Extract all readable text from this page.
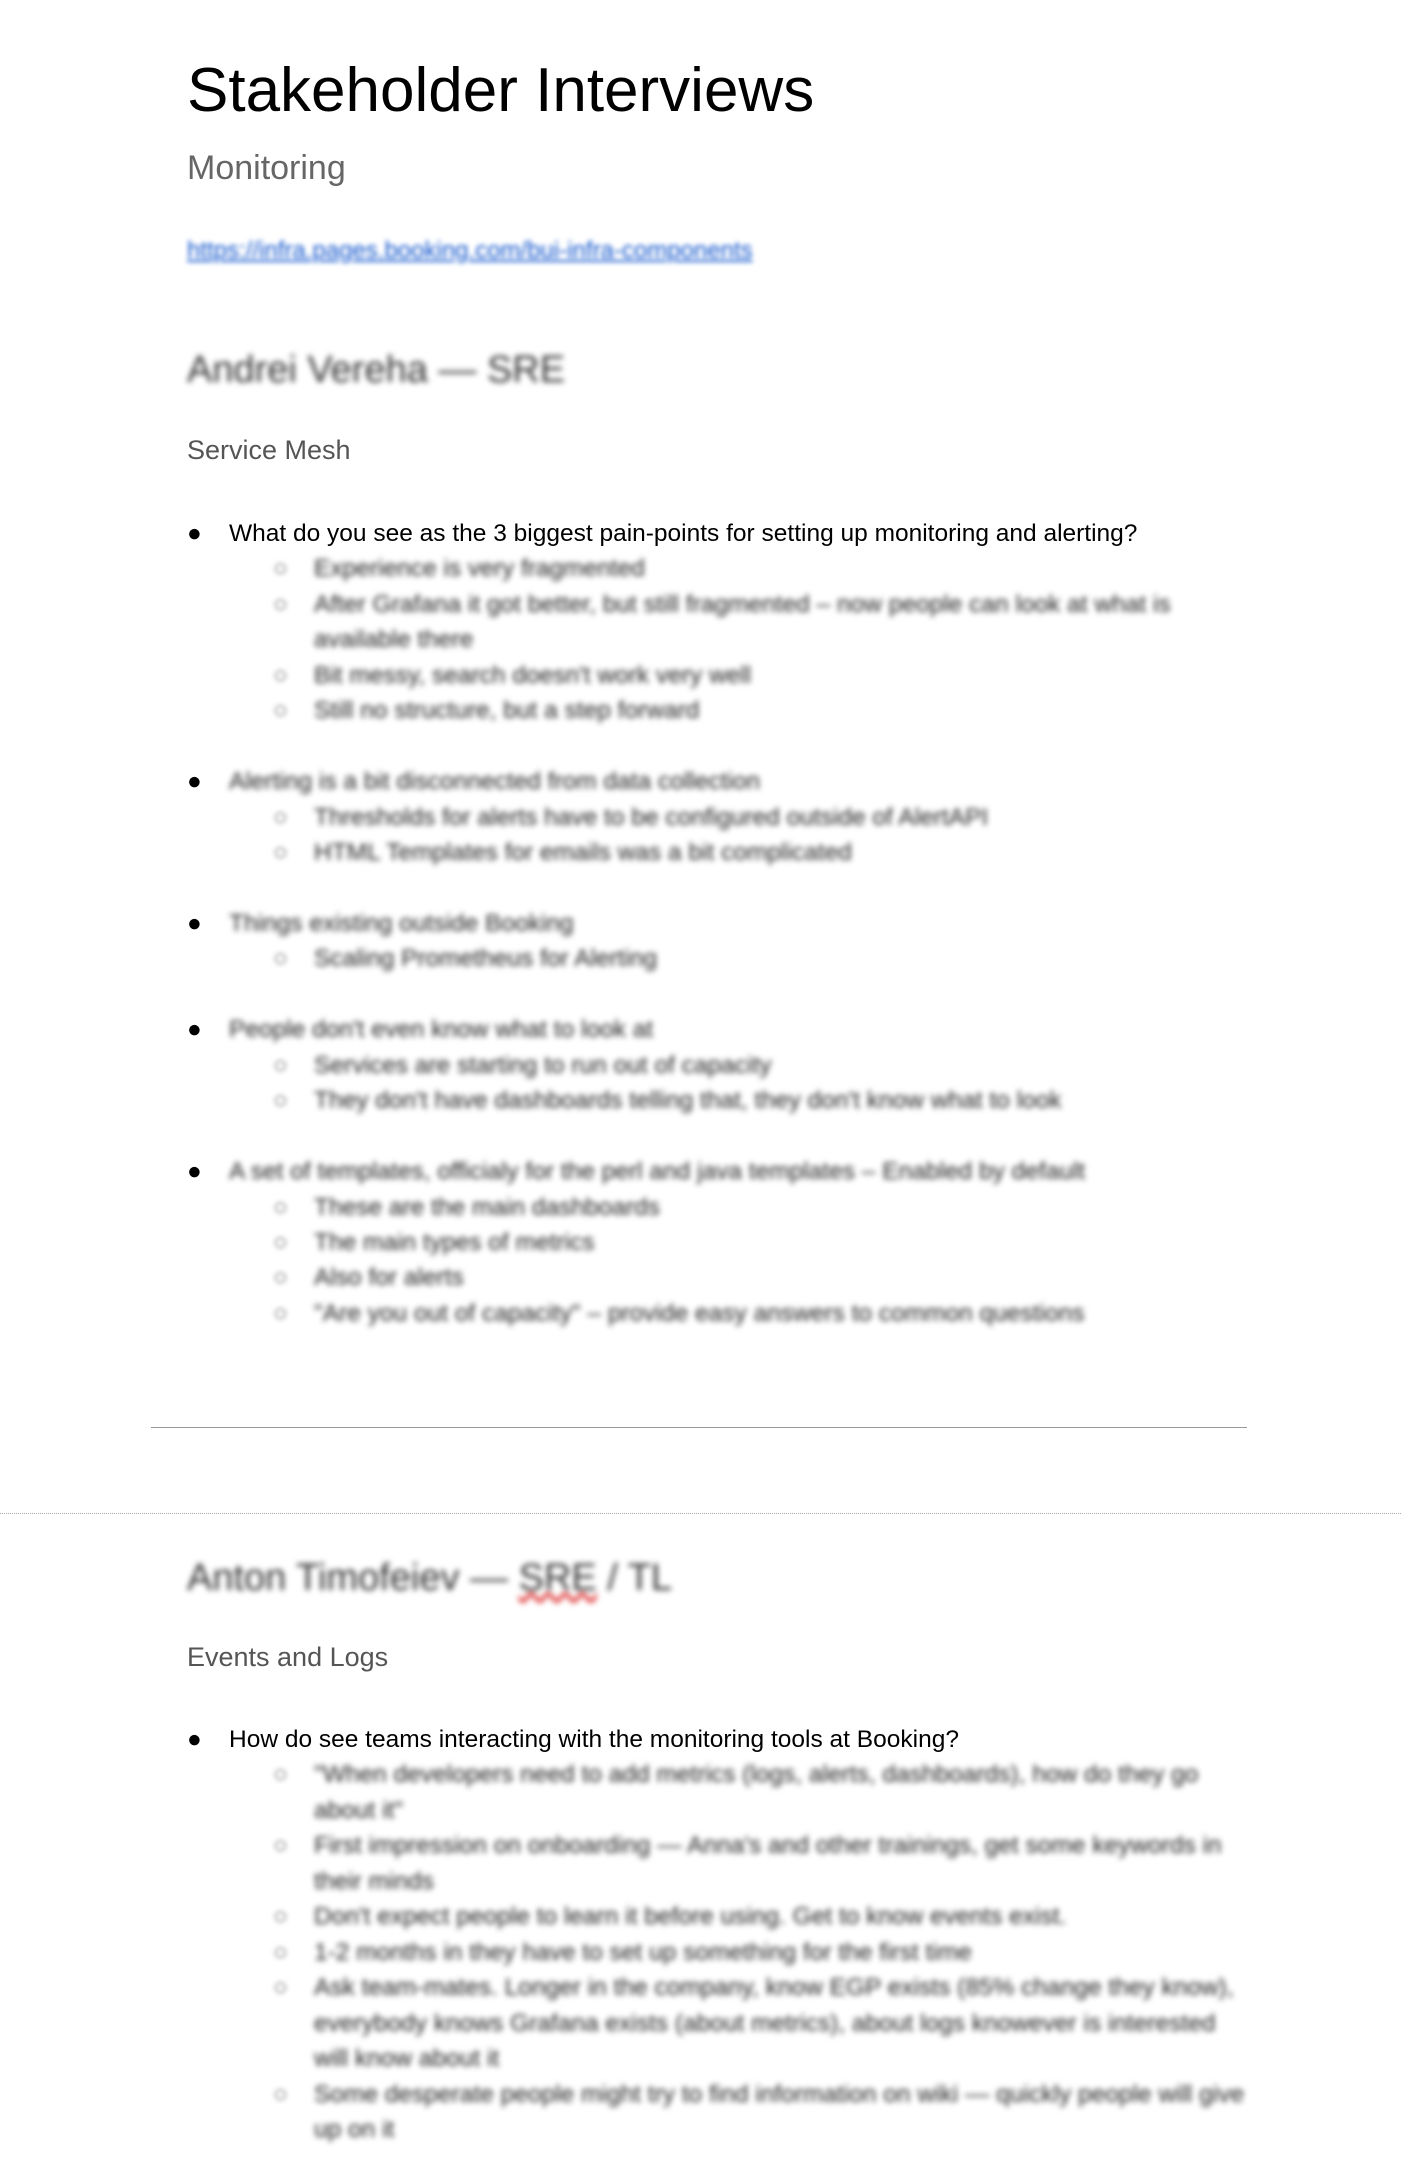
Stakeholder Interviews
Monitoring
https://infra.pages.booking.com/bui-infra-components
Andrei Vereha — SRE
Service Mesh
● What do you see as the 3 biggest pain-points for setting up monitoring and alerting?
○ Experience is very fragmented
○ After Grafana it got better, but still fragmented – now people can look at what is available there
○ Bit messy, search doesn't work very well
○ Still no structure, but a step forward
● Alerting is a bit disconnected from data collection
○ Thresholds for alerts have to be configured outside of AlertAPI
○ HTML Templates for emails was a bit complicated
● Things existing outside Booking
○ Scaling Prometheus for Alerting
● People don't even know what to look at
○ Services are starting to run out of capacity
○ They don't have dashboards telling that, they don't know what to look
● A set of templates, officialy for the perl and java templates – Enabled by default
○ These are the main dashboards
○ The main types of metrics
○ Also for alerts
○ "Are you out of capacity" – provide easy answers to common questions
Anton Timofeiev — SRE / TL
Events and Logs
● How do see teams interacting with the monitoring tools at Booking?
○ "When developers need to add metrics (logs, alerts, dashboards), how do they go about it"
○ First impression on onboarding — Anna's and other trainings, get some keywords in their minds
○ Don't expect people to learn it before using. Get to know events exist.
○ 1-2 months in they have to set up something for the first time
○ Ask team-mates. Longer in the company, know EGP exists (85% change they know), everybody knows Grafana exists (about metrics), about logs knowever is interested will know about it
○ Some desperate people might try to find information on wiki — quickly people will give up on it
